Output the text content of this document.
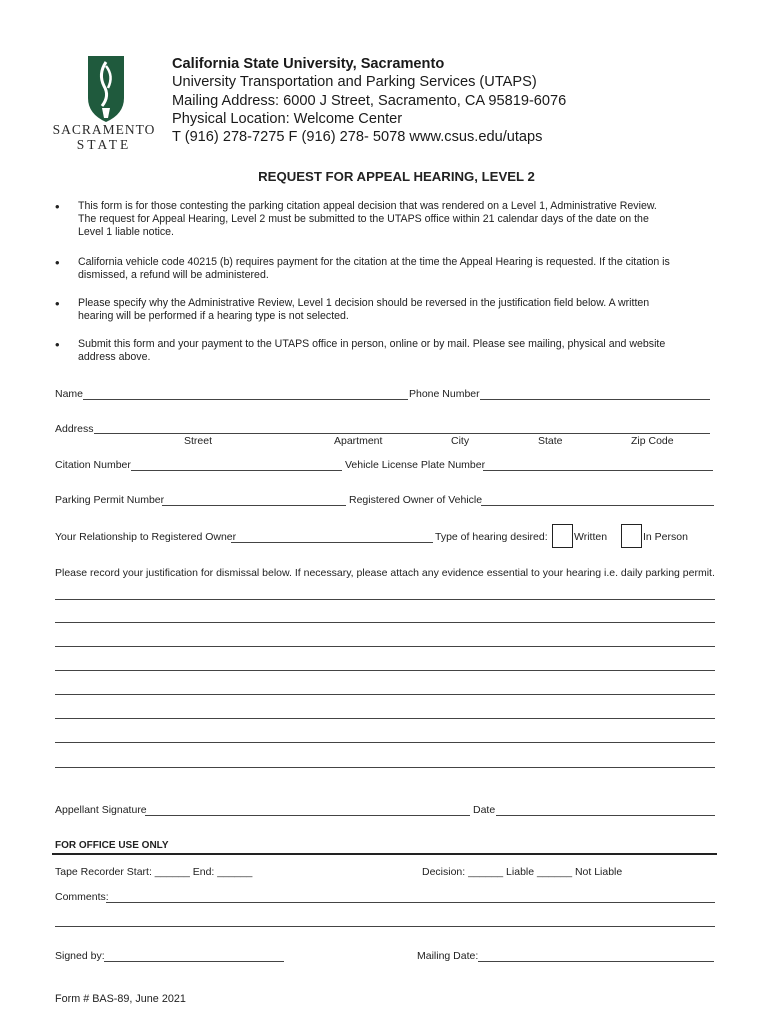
SACRAMENTO
STATE
California State University, Sacramento
University Transportation and Parking Services (UTAPS)
Mailing Address: 6000 J Street, Sacramento, CA 95819-6076
Physical Location: Welcome Center
T (916) 278-7275 F (916) 278- 5078 www.csus.edu/utaps
REQUEST FOR APPEAL HEARING, LEVEL 2
• This form is for those contesting the parking citation appeal decision that was rendered on a Level 1, Administrative Review.
The request for Appeal Hearing, Level 2 must be submitted to the UTAPS office within 21 calendar days of the date on the
Level 1 liable notice.
• California vehicle code 40215 (b) requires payment for the citation at the time the Appeal Hearing is requested. If the citation is
dismissed, a refund will be administered.
• Please specify why the Administrative Review, Level 1 decision should be reversed in the justification field below. A written
hearing will be performed if a hearing type is not selected.
• Submit this form and your payment to the UTAPS office in person, online or by mail. Please see mailing, physical and website
address above.
Name	Phone Number
Address
Street	Apartment	City	State	Zip Code
Citation Number	Vehicle License Plate Number
Parking Permit Number	Registered Owner of Vehicle
Your Relationship to Registered Owner	Type of hearing desired:	Written	In Person
Please record your justification for dismissal below. If necessary, please attach any evidence essential to your hearing i.e. daily parking permit.
Appellant Signature	Date
FOR OFFICE USE ONLY
Tape Recorder Start: ______ End: ______	Decision: ______ Liable ______ Not Liable
Comments:
Signed by:	Mailing Date:
Form # BAS-89, June 2021
